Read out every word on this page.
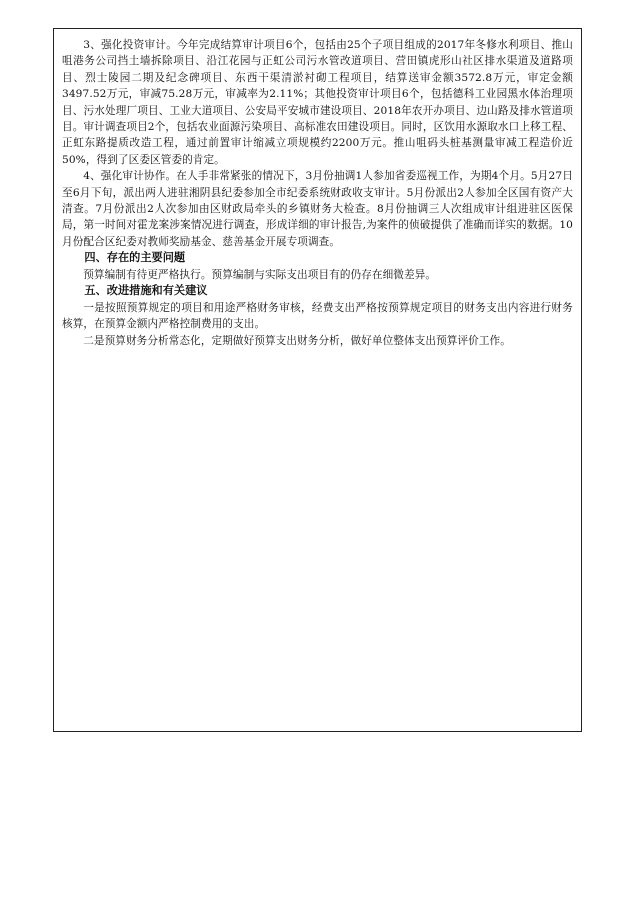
3、强化投资审计。今年完成结算审计项目6个，包括由25个子项目组成的2017年冬修水利项目、推山咀港务公司挡土墙拆除项目、沿江花园与正虹公司污水管改道项目、营田镇虎形山社区排水渠道及道路项目、烈士陵园二期及纪念碑项目、东西干渠清淤衬砌工程项目，结算送审金额3572.8万元，审定金额3497.52万元，审减75.28万元，审减率为2.11%；其他投资审计项目6个，包括德科工业园黑水体治理项目、污水处理厂项目、工业大道项目、公安局平安城市建设项目、2018年农开办项目、边山路及排水管道项目。审计调查项目2个，包括农业面源污染项目、高标准农田建设项目。同时，区饮用水源取水口上移工程、正虹东路提质改造工程，通过前置审计缩减立项规模约2200万元。推山咀码头桩基测量审减工程造价近50%，得到了区委区管委的肯定。

4、强化审计协作。在人手非常紧张的情况下，3月份抽调1人参加省委巡视工作，为期4个月。5月27日至6月下旬，派出两人进驻湘阴县纪委参加全市纪委系统财政收支审计。5月份派出2人参加全区国有资产大清查。7月份派出2人次参加由区财政局牵头的乡镇财务大检查。8月份抽调三人次组成审计组进驻区医保局，第一时间对霍龙案涉案情况进行调查，形成详细的审计报告,为案件的侦破提供了准确而详实的数据。10月份配合区纪委对教师奖励基金、慈善基金开展专项调查。

四、存在的主要问题

预算编制有待更严格执行。预算编制与实际支出项目有的仍存在细微差异。

五、改进措施和有关建议

一是按照预算规定的项目和用途严格财务审核，经费支出严格按预算规定项目的财务支出内容进行财务核算，在预算金额内严格控制费用的支出。

二是预算财务分析常态化，定期做好预算支出财务分析，做好单位整体支出预算评价工作。
